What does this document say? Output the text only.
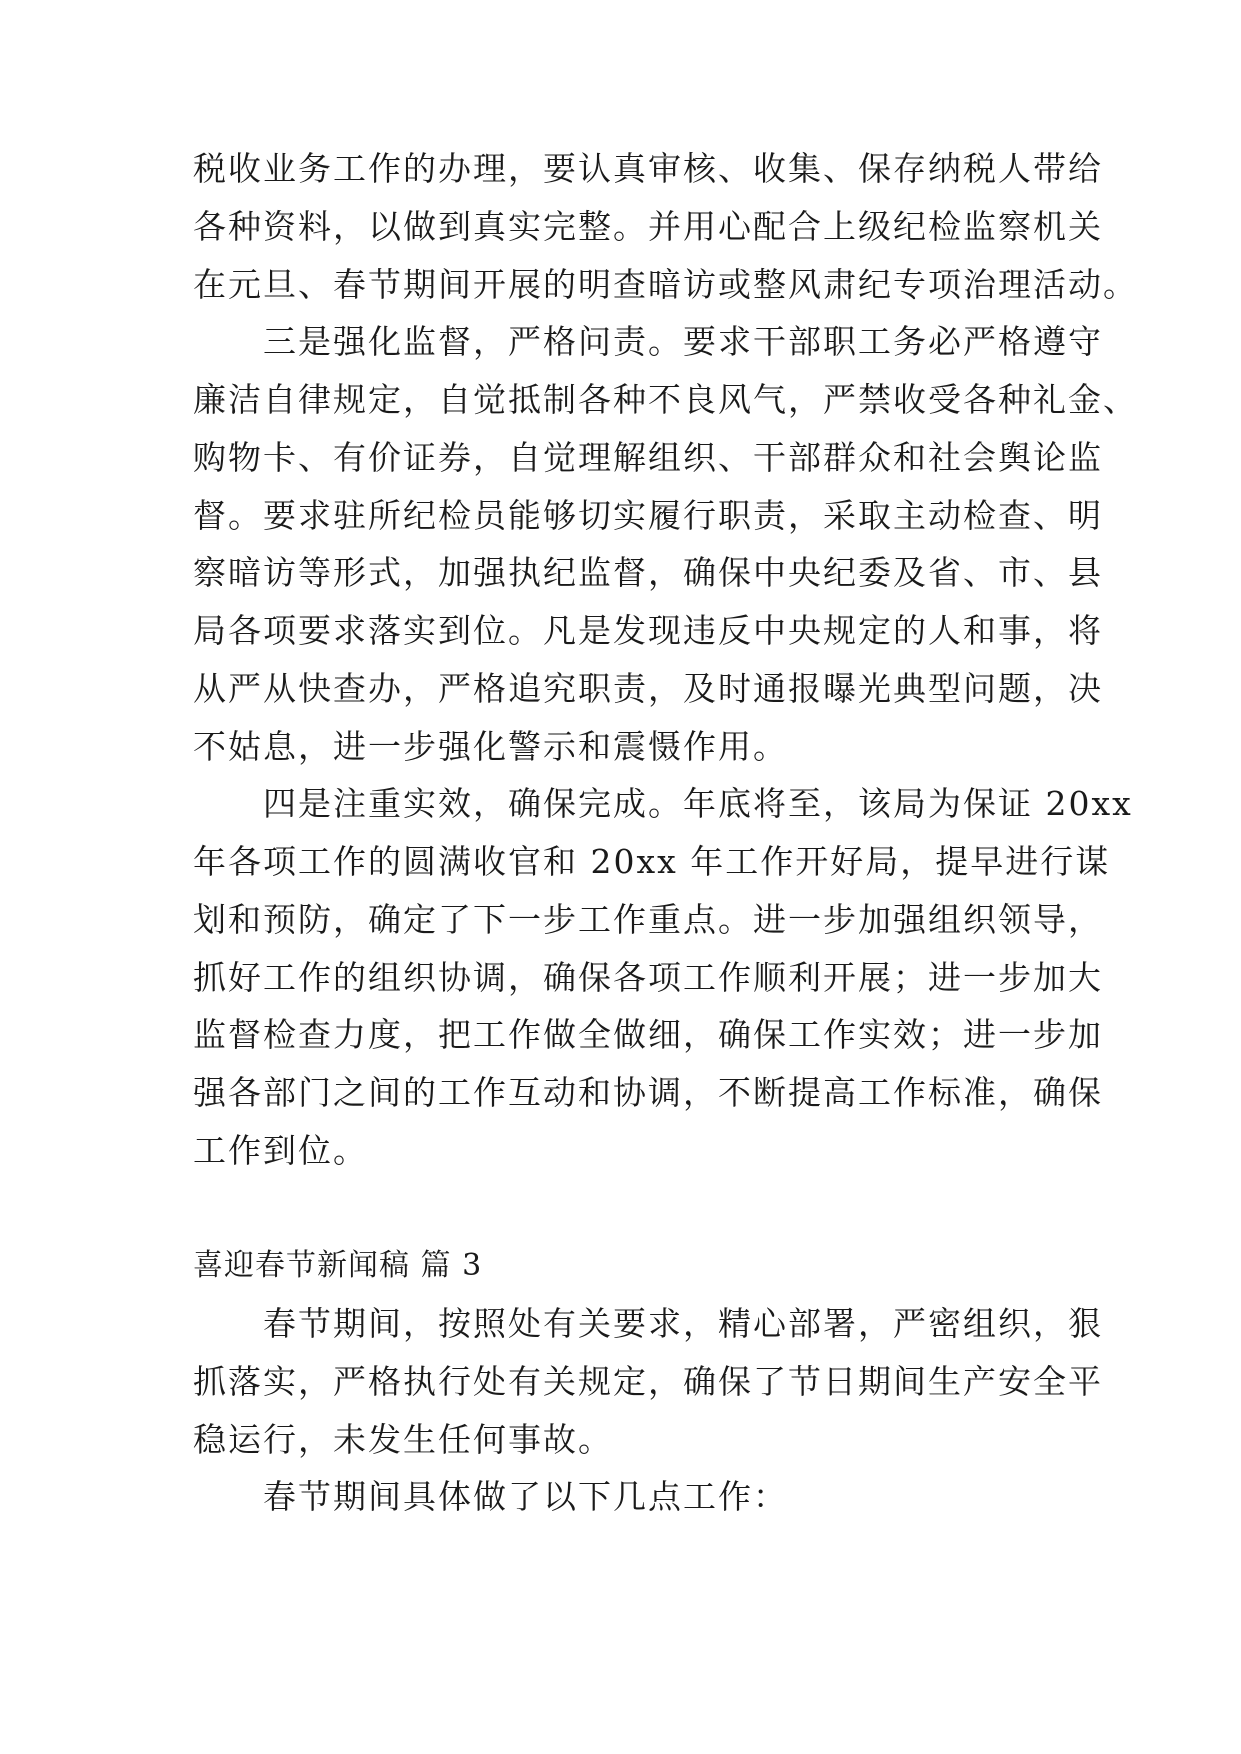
税收业务工作的办理，要认真审核、收集、保存纳税人带给
各种资料，以做到真实完整。并用心配合上级纪检监察机关
在元旦、春节期间开展的明查暗访或整风肃纪专项治理活动。
　　三是强化监督，严格问责。要求干部职工务必严格遵守
廉洁自律规定，自觉抵制各种不良风气，严禁收受各种礼金、
购物卡、有价证券，自觉理解组织、干部群众和社会舆论监
督。要求驻所纪检员能够切实履行职责，采取主动检查、明
察暗访等形式，加强执纪监督，确保中央纪委及省、市、县
局各项要求落实到位。凡是发现违反中央规定的人和事，将
从严从快查办，严格追究职责，及时通报曝光典型问题，决
不姑息，进一步强化警示和震慑作用。
　　四是注重实效，确保完成。年底将至，该局为保证 20xx
年各项工作的圆满收官和 20xx 年工作开好局，提早进行谋
划和预防，确定了下一步工作重点。进一步加强组织领导，
抓好工作的组织协调，确保各项工作顺利开展；进一步加大
监督检查力度，把工作做全做细，确保工作实效；进一步加
强各部门之间的工作互动和协调，不断提高工作标准，确保
工作到位。
喜迎春节新闻稿 篇 3
　　春节期间，按照处有关要求，精心部署，严密组织，狠
抓落实，严格执行处有关规定，确保了节日期间生产安全平
稳运行，未发生任何事故。
　　春节期间具体做了以下几点工作：
